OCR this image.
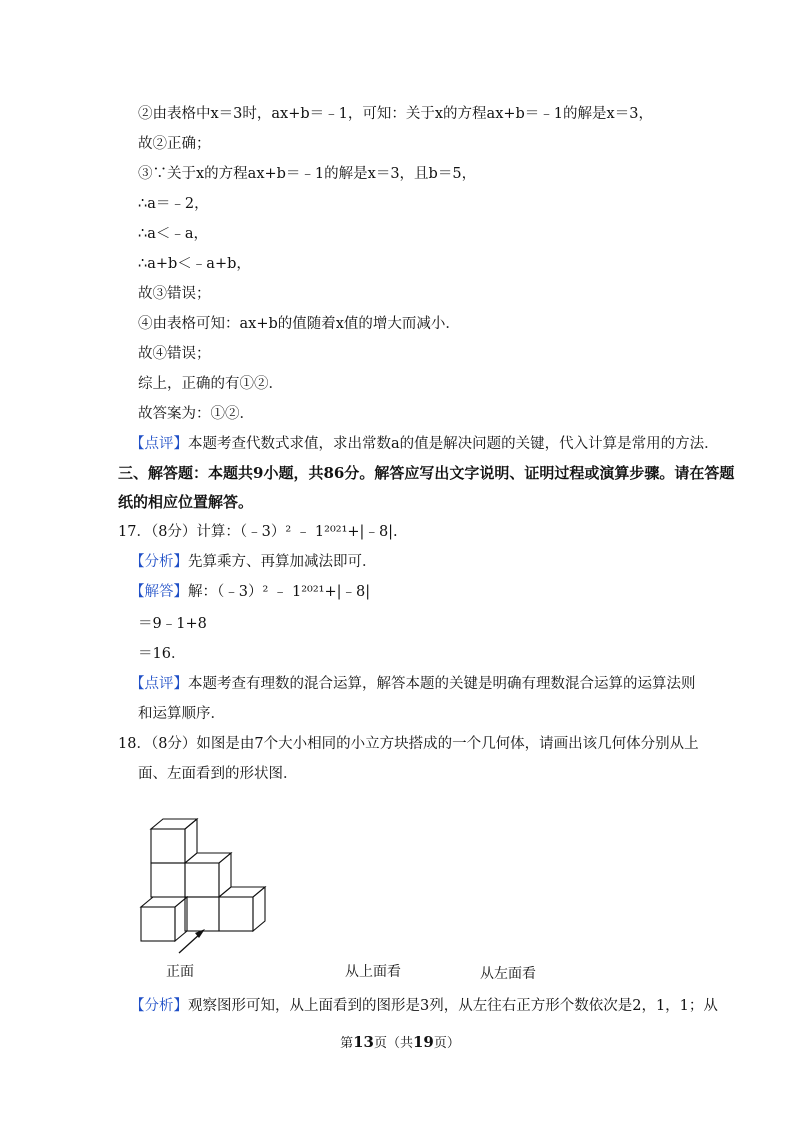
②由表格中x＝3时，ax+b＝﹣1，可知：关于x的方程ax+b＝﹣1的解是x＝3，
故②正确；
③∵关于x的方程ax+b＝﹣1的解是x＝3，且b＝5，
∴a＝﹣2，
∴a＜﹣a，
∴a+b＜﹣a+b，
故③错误；
④由表格可知：ax+b的值随着x值的增大而减小．
故④错误；
综上，正确的有①②．
故答案为：①②．
【点评】本题考查代数式求值，求出常数a的值是解决问题的关键，代入计算是常用的方法．
三、解答题：本题共9小题，共86分。解答应写出文字说明、证明过程或演算步骤。请在答题
纸的相应位置解答。
17．（8分）计算：（﹣3）² ﹣ 1²⁰²¹+|﹣8|.
【分析】先算乘方、再算加减法即可．
【解答】解：（﹣3）² ﹣ 1²⁰²¹+|﹣8|
＝9﹣1+8
＝16．
【点评】本题考查有理数的混合运算，解答本题的关键是明确有理数混合运算的运算法则
和运算顺序．
18．（8分）如图是由7个大小相同的小立方块搭成的一个几何体，请画出该几何体分别从上
面、左面看到的形状图．
正面	从上面看	从左面看
【分析】观察图形可知，从上面看到的图形是3列，从左往右正方形个数依次是2，1，1；从
第13页（共19页）
